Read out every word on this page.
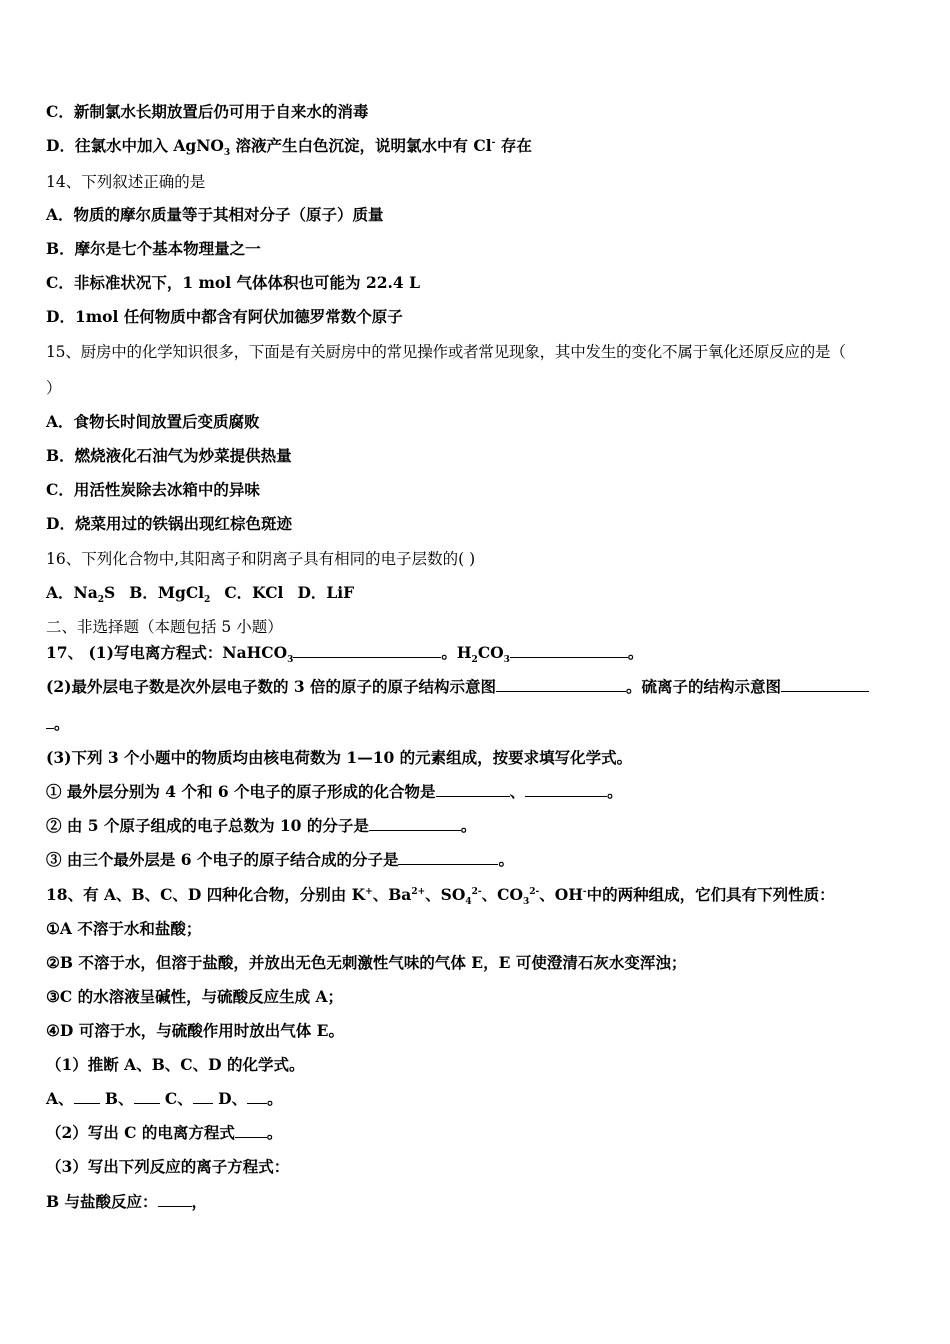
C．新制氯水长期放置后仍可用于自来水的消毒
D．往氯水中加入 AgNO$_3$ 溶液产生白色沉淀，说明氯水中有 Cl- 存在
14、下列叙述正确的是
A．物质的摩尔质量等于其相对分子（原子）质量
B．摩尔是七个基本物理量之一
C．非标准状况下，1 mol 气体体积也可能为 22.4 L
D．1mol 任何物质中都含有阿伏加德罗常数个原子
15、厨房中的化学知识很多，下面是有关厨房中的常见操作或者常见现象，其中发生的变化不属于氧化还原反应的是（
）
A．食物长时间放置后变质腐败
B．燃烧液化石油气为炒菜提供热量
C．用活性炭除去冰箱中的异味
D．烧菜用过的铁锅出现红棕色斑迹
16、下列化合物中,其阳离子和阴离子具有相同的电子层数的( )
A．$Na_2S$ B．MgCl$_2$ C．KCl D．LiF
二、非选择题（本题包括 5 小题）
17、 (1)写电离方程式：NaHCO$_3$	。$H_2CO_3$	。
(2)最外层电子数是次外层电子数的 3 倍的原子的原子结构示意图	。硫离子的结构示意图
。
(3)下列 3 个小题中的物质均由核电荷数为 1—10 的元素组成，按要求填写化学式。
① 最外层分别为 4 个和 6 个电子的原子形成的化合物是	、	。
② 由 5 个原子组成的电子总数为 10 的分子是	。
③ 由三个最外层是 6 个电子的原子结合成的分子是	。
18、有 A、B、C、D 四种化合物，分别由 K+、$Ba^{2+}$、$SO_4^{2-}$、$CO_3^{2-}$、OH-中的两种组成，它们具有下列性质：
①A 不溶于水和盐酸；
②B 不溶于水，但溶于盐酸，并放出无色无刺激性气味的气体 E，E 可使澄清石灰水变浑浊；
③C 的水溶液呈碱性，与硫酸反应生成 A；
④D 可溶于水，与硫酸作用时放出气体 E。
（1）推断 A、B、C、D 的化学式。
A、 B、 C、 D、 。
（2）写出 C 的电离方程式 。
（3）写出下列反应的离子方程式：
B 与盐酸反应： ，
